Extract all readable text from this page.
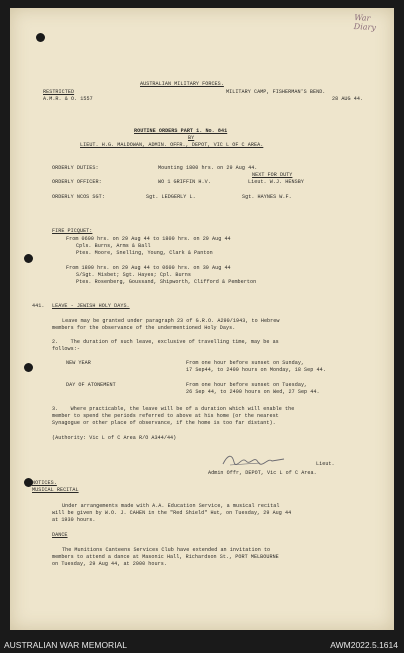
War Diary
AUSTRALIAN MILITARY FORCES.
RESTRICTED
A.M.R. & O. 1557
MILITARY CAMP, FISHERMAN'S BEND.
28 AUG 44.
ROUTINE ORDERS PART 1. No. 841
BY
LIEUT. H.G. MALDOWAN, ADMIN. OFFR., DEPOT, VIC L OF C AREA.
ORDERLY DUTIES:	Mounting 1800 hrs. on 29 Aug 44.
NEXT FOR DUTY
ORDERLY OFFICER:	WO 1 GRIFFIN H.V.	Lieut. W.J. HENSBY
ORDERLY NCOS SGT:	Sgt. LEDGERLY L.	Sgt. HAYNES W.F.
FIRE PICQUET:
From 0600 hrs. on 29 Aug 44 to 1800 hrs. on 29 Aug 44
Cpls. Burns, Arms & Ball
Ptes. Moore, Snelling, Young, Clark & Panton
From 1800 hrs. on 29 Aug 44 to 0600 hrs. on 30 Aug 44
S/Sgt. Misbet; Sgt. Hayes; Cpl. Burns
Ptes. Rosenberg, Goussand, Shipworth, Clifford & Pemberton
441. LEAVE - JEWISH HOLY DAYS.
Leave may be granted under paragraph 23 of G.R.O. A290/1943, to Hebrew
members for the observance of the undermentioned Holy Days.
2.    The duration of such leave, exclusive of travelling time, may be as
follows:-
NEW YEAR	From one hour before sunset on Sunday,
17 Sep44, to 2400 hours on Monday, 18 Sep 44.
DAY OF ATONEMENT	From one hour before sunset on Tuesday,
26 Sep 44, to 2400 hours on Wed, 27 Sep 44.
3.    Where practicable, the leave will be of a duration which will enable the
member to spend the periods referred to above at his home (or the nearest
Synagogue or other place of observance, if the home is too far distant).
(Authority: Vic L of C Area R/O A344/44)
Lieut.
Admin Offr, DEPOT, Vic L of C Area.
NOTICES.
MUSICAL RECITAL
Under arrangements made with A.A. Education Service, a musical recital
will be given by W.O. J. CAHEN in the "Red Shield" Hut, on Tuesday, 29 Aug 44
at 1930 hours.
DANCE
The Munitions Canteens Services Club have extended an invitation to
members to attend a dance at Masonic Hall, Richardson St., PORT MELBOURNE
on Tuesday, 29 Aug 44, at 2000 hours.
AUSTRALIAN WAR MEMORIAL	AWM2022.5.1614
